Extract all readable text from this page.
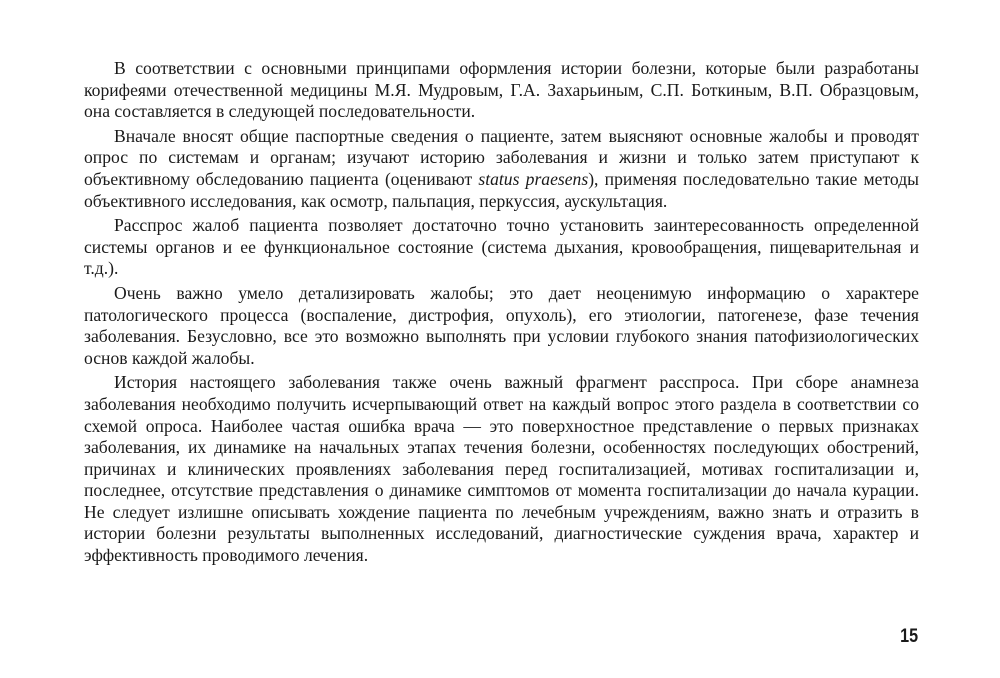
В соответствии с основными принципами оформления истории болезни, которые были разработаны корифеями отечественной медицины М.Я. Мудровым, Г.А. Захарьиным, С.П. Боткиным, В.П. Образцовым, она составляется в следующей последовательности.

Вначале вносят общие паспортные сведения о пациенте, затем выясняют основные жалобы и проводят опрос по системам и органам; изучают историю заболевания и жизни и только затем приступают к объективному обследованию пациента (оценивают status praesens), применяя последовательно такие методы объективного исследования, как осмотр, пальпация, перкуссия, аускультация.

Расспрос жалоб пациента позволяет достаточно точно установить заинтересованность определенной системы органов и ее функциональное состояние (система дыхания, кровообращения, пищеварительная и т.д.).

Очень важно умело детализировать жалобы; это дает неоценимую информацию о характере патологического процесса (воспаление, дистрофия, опухоль), его этиологии, патогенезе, фазе течения заболевания. Безусловно, все это возможно выполнять при условии глубокого знания патофизиологических основ каждой жалобы.

История настоящего заболевания также очень важный фрагмент расспроса. При сборе анамнеза заболевания необходимо получить исчерпывающий ответ на каждый вопрос этого раздела в соответствии со схемой опроса. Наиболее частая ошибка врача — это поверхностное представление о первых признаках заболевания, их динамике на начальных этапах течения болезни, особенностях последующих обострений, причинах и клинических проявлениях заболевания перед госпитализацией, мотивах госпитализации и, последнее, отсутствие представления о динамике симптомов от момента госпитализации до начала курации. Не следует излишне описывать хождение пациента по лечебным учреждениям, важно знать и отразить в истории болезни результаты выполненных исследований, диагностические суждения врача, характер и эффективность проводимого лечения.

15
